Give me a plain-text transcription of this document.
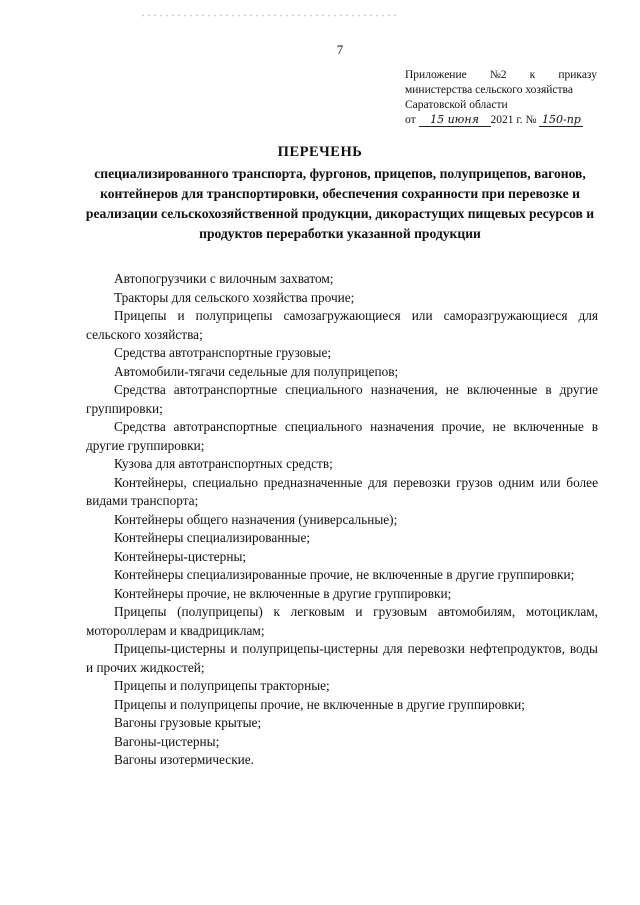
7
Приложение №2 к приказу
министерства сельского хозяйства
Саратовской области
от 15 июня 2021 г. № 150-пр
ПЕРЕЧЕНЬ
специализированного транспорта, фургонов, прицепов, полуприцепов, вагонов, контейнеров для транспортировки, обеспечения сохранности при перевозке и реализации сельскохозяйственной продукции, дикорастущих пищевых ресурсов и продуктов переработки указанной продукции

Автопогрузчики с вилочным захватом;

Тракторы для сельского хозяйства прочие;

Прицепы и полуприцепы самозагружающиеся или саморазгружающиеся для сельского хозяйства;

Средства автотранспортные грузовые;

Автомобили-тягачи седельные для полуприцепов;

Средства автотранспортные специального назначения, не включенные в другие группировки;

Средства автотранспортные специального назначения прочие, не включенные в другие группировки;

Кузова для автотранспортных средств;

Контейнеры, специально предназначенные для перевозки грузов одним или более видами транспорта;

Контейнеры общего назначения (универсальные);

Контейнеры специализированные;

Контейнеры-цистерны;

Контейнеры специализированные прочие, не включенные в другие группировки;

Контейнеры прочие, не включенные в другие группировки;

Прицепы (полуприцепы) к легковым и грузовым автомобилям, мотоциклам, мотороллерам и квадрициклам;

Прицепы-цистерны и полуприцепы-цистерны для перевозки нефтепродуктов, воды и прочих жидкостей;

Прицепы и полуприцепы тракторные;

Прицепы и полуприцепы прочие, не включенные в другие группировки;

Вагоны грузовые крытые;

Вагоны-цистерны;

Вагоны изотермические.
